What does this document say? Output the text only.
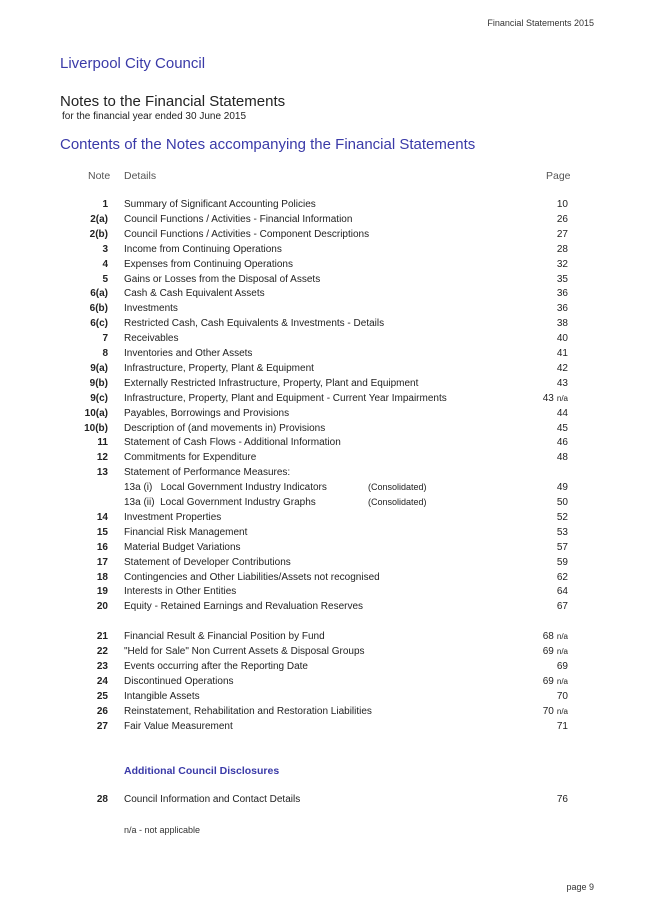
Financial Statements 2015
Liverpool City Council
Notes to the Financial Statements
for the financial year ended 30 June 2015
Contents of the Notes accompanying the Financial Statements
Note Details	Page
1 Summary of Significant Accounting Policies	10
2(a) Council Functions / Activities - Financial Information	26
2(b) Council Functions / Activities - Component Descriptions	27
3 Income from Continuing Operations	28
4 Expenses from Continuing Operations	32
5 Gains or Losses from the Disposal of Assets	35
6(a) Cash & Cash Equivalent Assets	36
6(b) Investments	36
6(c) Restricted Cash, Cash Equivalents & Investments - Details	38
7 Receivables	40
8 Inventories and Other Assets	41
9(a) Infrastructure, Property, Plant & Equipment	42
9(b) Externally Restricted Infrastructure, Property, Plant and Equipment	43
9(c) Infrastructure, Property, Plant and Equipment - Current Year Impairments	43 n/a
10(a) Payables, Borrowings and Provisions	44
10(b) Description of (and movements in) Provisions	45
11 Statement of Cash Flows - Additional Information	46
12 Commitments for Expenditure	48
13 Statement of Performance Measures:
13a (i)   Local Government Industry Indicators	(Consolidated)	49
13a (ii)  Local Government Industry Graphs	(Consolidated)	50
14 Investment Properties	52
15 Financial Risk Management	53
16 Material Budget Variations	57
17 Statement of Developer Contributions	59
18 Contingencies and Other Liabilities/Assets not recognised	62
19 Interests in Other Entities	64
20 Equity - Retained Earnings and Revaluation Reserves	67
21 Financial Result & Financial Position by Fund	68 n/a
22 "Held for Sale" Non Current Assets & Disposal Groups	69 n/a
23 Events occurring after the Reporting Date	69
24 Discontinued Operations	69 n/a
25 Intangible Assets	70
26 Reinstatement, Rehabilitation and Restoration Liabilities	70 n/a
27 Fair Value Measurement	71
Additional Council Disclosures
28 Council Information and Contact Details	76
n/a - not applicable
page 9
